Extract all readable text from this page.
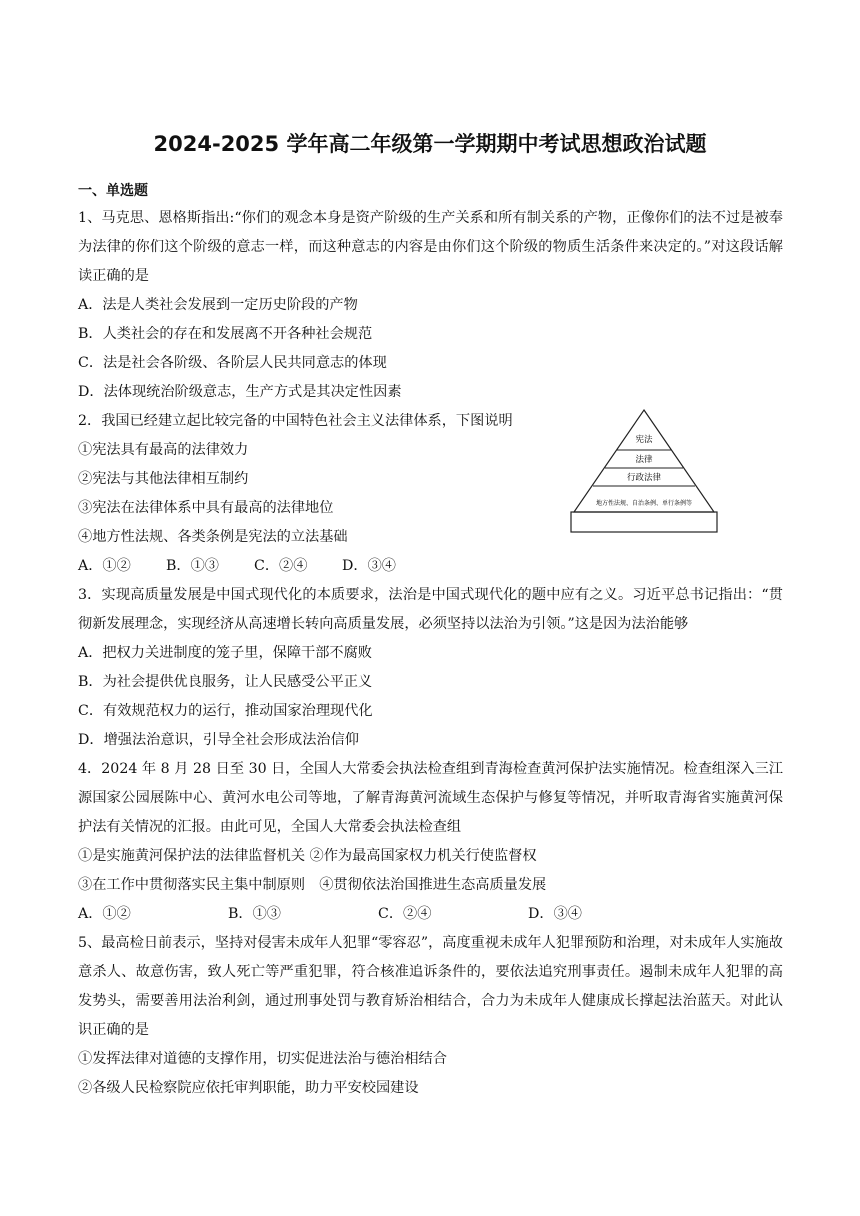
2024-2025 学年高二年级第一学期期中考试思想政治试题
一、单选题

1、马克思、恩格斯指出:“你们的观念本身是资产阶级的生产关系和所有制关系的产物，正像你们的法不过是被奉为法律的你们这个阶级的意志一样，而这种意志的内容是由你们这个阶级的物质生活条件来决定的。”对这段话解读正确的是

A．法是人类社会发展到一定历史阶段的产物

B．人类社会的存在和发展离不开各种社会规范

C．法是社会各阶级、各阶层人民共同意志的体现

D．法体现统治阶级意志，生产方式是其决定性因素

2．我国已经建立起比较完备的中国特色社会主义法律体系，下图说明

①宪法具有最高的法律效力

②宪法与其他法律相互制约

③宪法在法律体系中具有最高的法律地位

④地方性法规、各类条例是宪法的立法基础

A．①②	B．①③	C．②④	D．③④

3．实现高质量发展是中国式现代化的本质要求，法治是中国式现代化的题中应有之义。习近平总书记指出：“贯彻新发展理念，实现经济从高速增长转向高质量发展，必须坚持以法治为引领。”这是因为法治能够

A．把权力关进制度的笼子里，保障干部不腐败

B．为社会提供优良服务，让人民感受公平正义

C．有效规范权力的运行，推动国家治理现代化

D．增强法治意识，引导全社会形成法治信仰

4．2024 年 8 月 28 日至 30 日，全国人大常委会执法检查组到青海检查黄河保护法实施情况。检查组深入三江源国家公园展陈中心、黄河水电公司等地，了解青海黄河流域生态保护与修复等情况，并听取青海省实施黄河保护法有关情况的汇报。由此可见，全国人大常委会执法检查组

①是实施黄河保护法的法律监督机关 ②作为最高国家权力机关行使监督权

③在工作中贯彻落实民主集中制原则　④贯彻依法治国推进生态高质量发展

A．①②	B．①③	C．②④	D．③④

5、最高检日前表示，坚持对侵害未成年人犯罪“零容忍”，高度重视未成年人犯罪预防和治理，对未成年人实施故意杀人、故意伤害，致人死亡等严重犯罪，符合核准追诉条件的，要依法追究刑事责任。遏制未成年人犯罪的高发势头，需要善用法治利剑，通过刑事处罚与教育矫治相结合，合力为未成年人健康成长撑起法治蓝天。对此认识正确的是

①发挥法律对道德的支撑作用，切实促进法治与德治相结合

②各级人民检察院应依托审判职能，助力平安校园建设

宪法
法律
行政法律
地方性法规、自治条例、单行条例等
